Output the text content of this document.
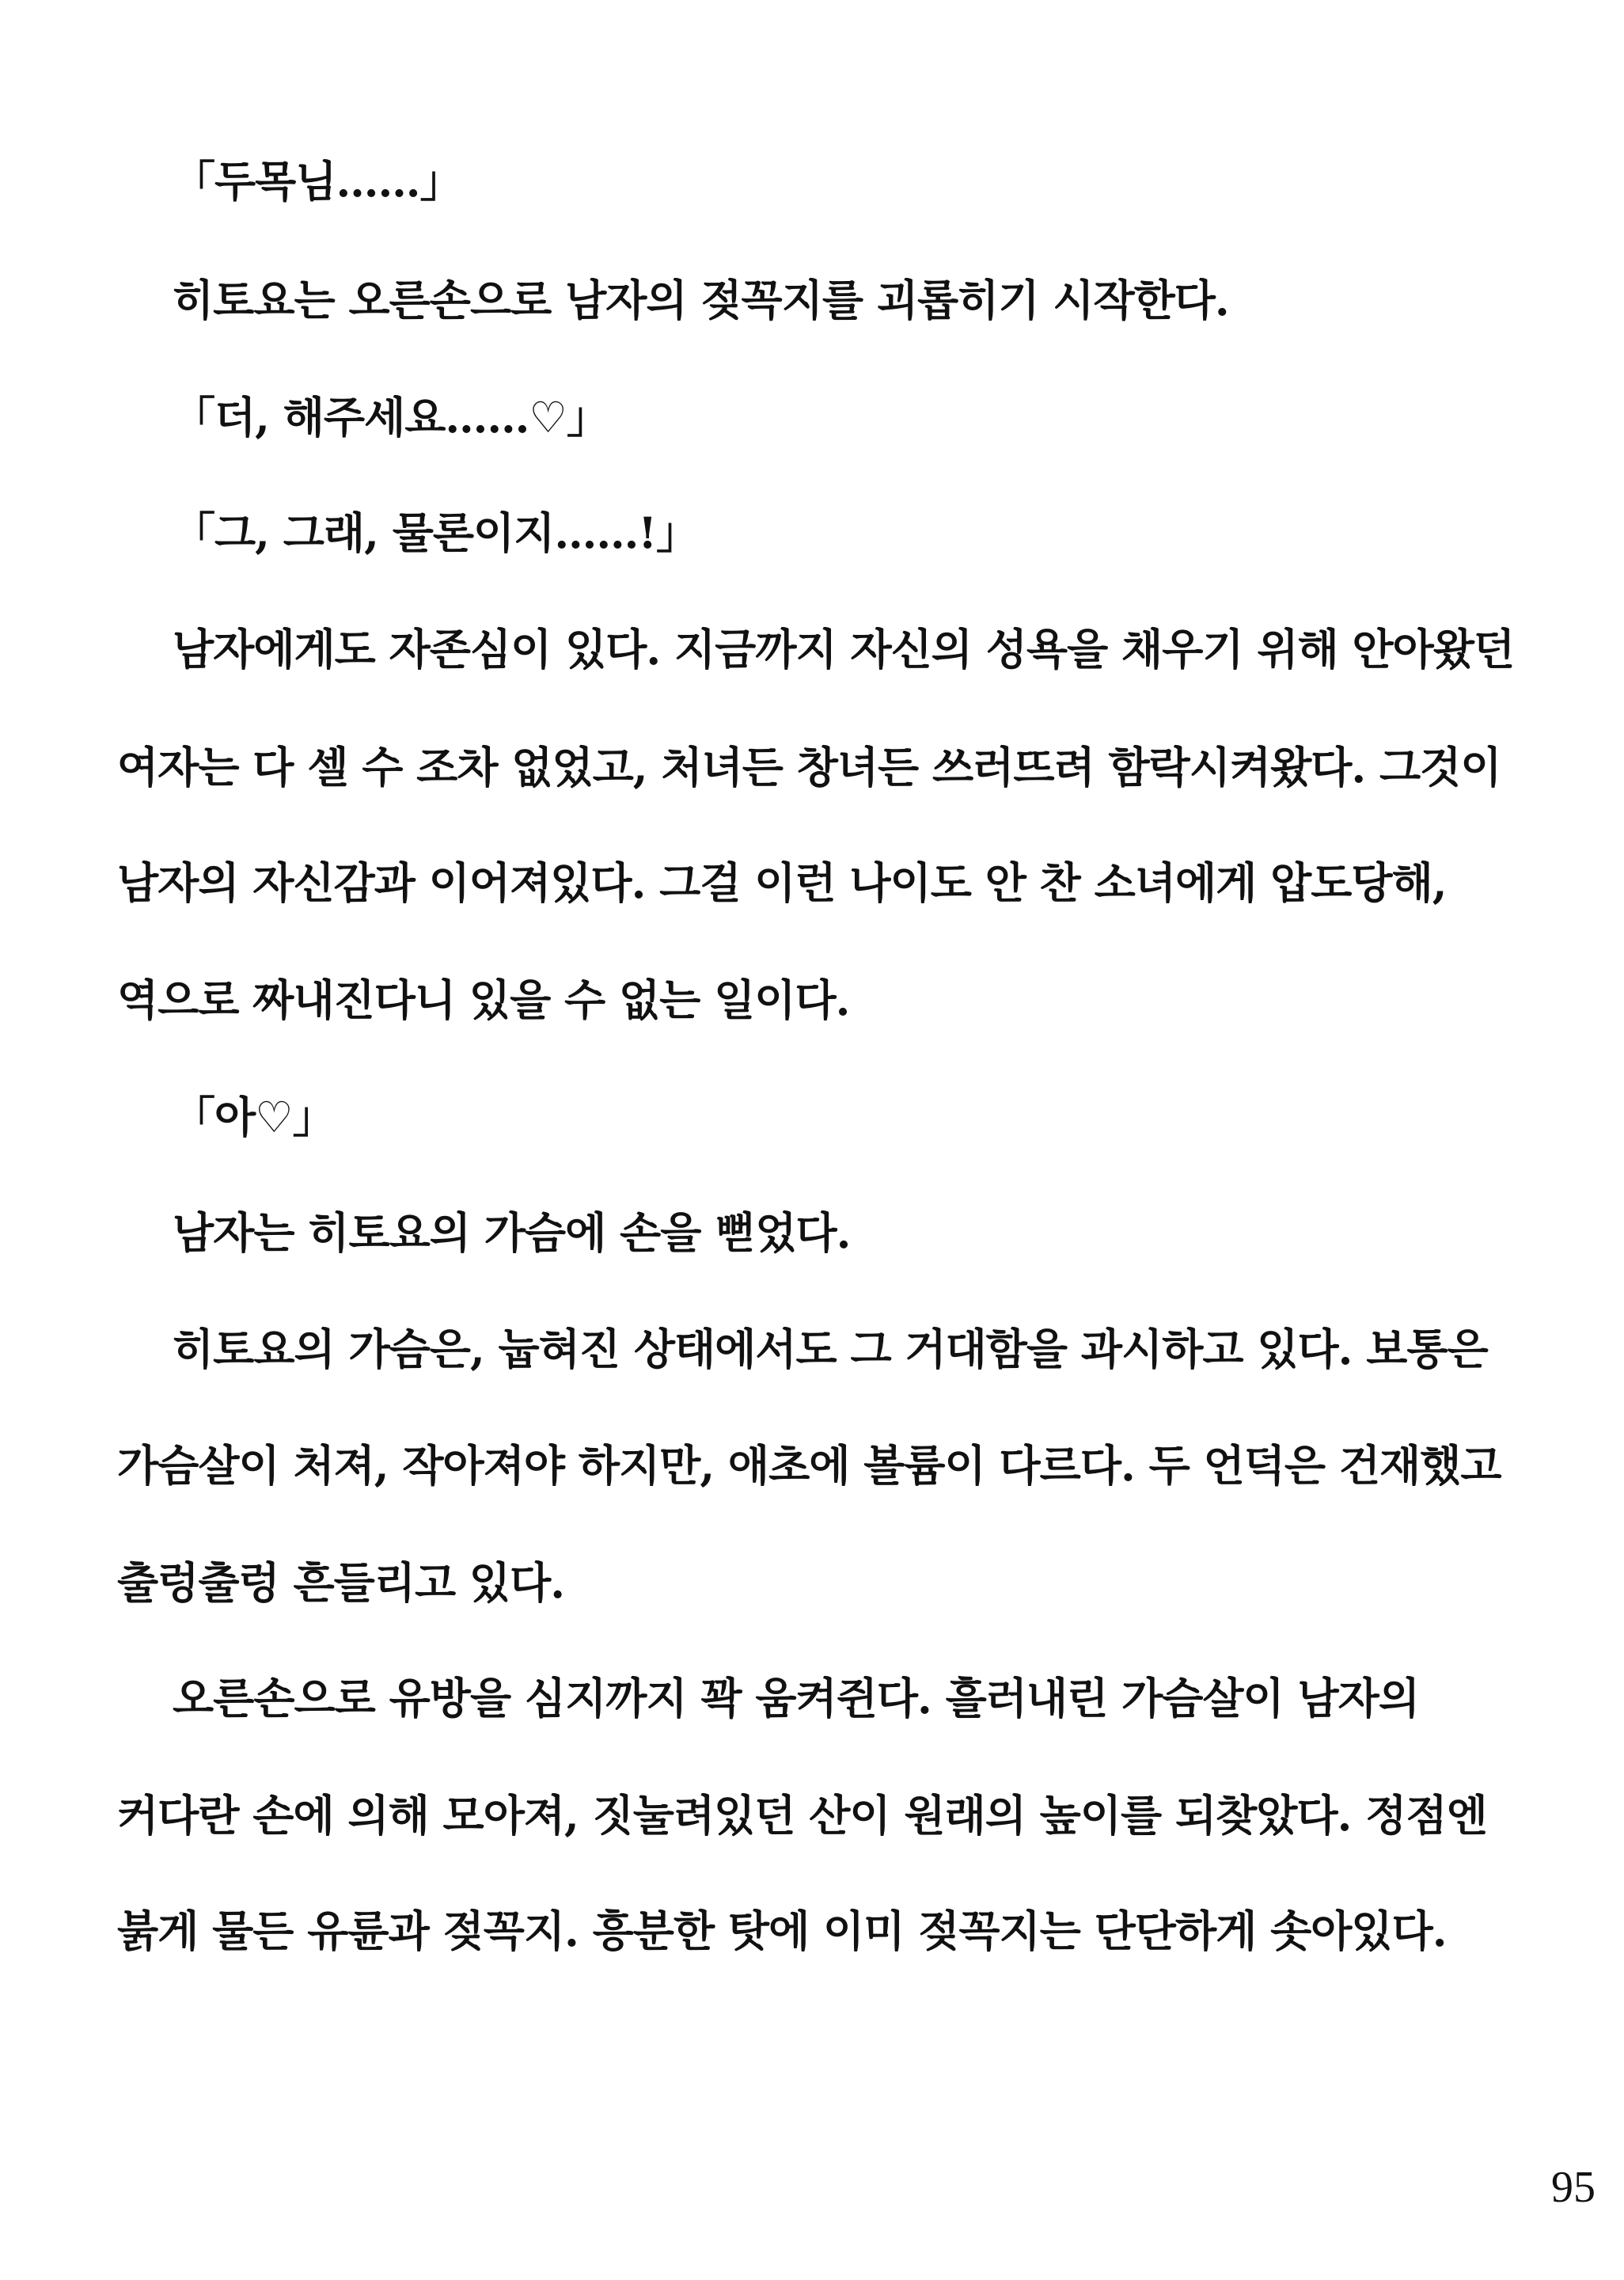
「두목님……」
히토요는 오른손으로 남자의 젖꼭지를 괴롭히기 시작한다.
「더, 해주세요……♡」
「그, 그래, 물론이지……!」
남자에게도 자존심이 있다. 지금까지 자신의 성욕을 채우기 위해 안아왔던
여자는 다 셀 수 조차 없었고, 처녀든 창녀든 쓰러뜨려 함락시켜왔다. 그것이
남자의 자신감과 이어져있다. 그걸 이런 나이도 안 찬 소녀에게 압도당해,
역으로 짜내진다니 있을 수 없는 일이다.
「아♡」
남자는 히토요의 가슴에 손을 뻗었다.
히토요의 가슴은, 눕혀진 상태에서도 그 거대함을 과시하고 있다. 보통은
가슴살이 처져, 작아져야 하지만, 애초에 볼륨이 다르다. 두 언덕은 건재했고
출렁출렁 흔들리고 있다.
오른손으로 유방을 심지까지 꽉 움켜쥔다. 흘러내린 가슴살이 남자의
커다란 손에 의해 모아져, 짓눌려있던 산이 원래의 높이를 되찾았다. 정점엔
붉게 물든 유륜과 젖꼭지. 흥분한 탓에 이미 젖꼭지는 단단하게 솟아있다.
95
